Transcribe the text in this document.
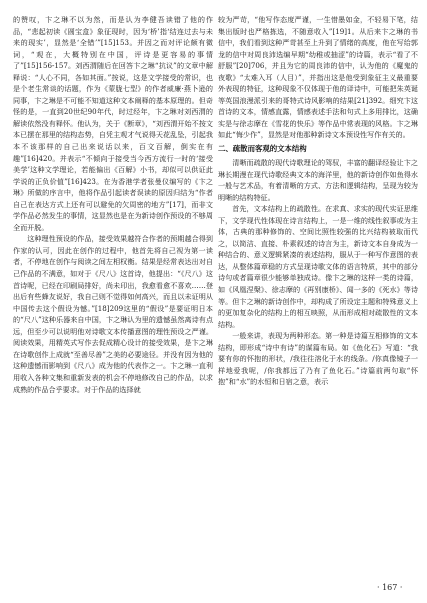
的赞叹，卞之琳不以为然，而是认为李健吾读错了他的作品，“悲起初读《圆宝盒》象征现时，因为‘桥’指‘结连过去与未来的现实’，显然是‘全错’”[15]153。并因之而对评论颇有微词，“观在，大概特别在中国，评诗是更容易的事情了”[15]156-157。刘西渭随后在回答卞之琳“抗议”的文章中解释说：“人心不同，各如其面。”按说，这是文学接受的常识，也是个老生常谈的话题，作为《蒙胧七型》的作者威廉·燕卜逊的同事，卞之琳是不可能不知道这种文本阐释的基本原理的。但奇怪的是，一直到20世纪90年代，时过经年，卞之琳对刘西渭的解读依然没有释怀。他认为，关于《断章》，“刘西渭开始不按文本已摆在那里的结构态势，自凭主观才气说得天花乱坠，引起我本不该那样的自己出来说话以来，百文百解，倒实在有趣”[16]420。并表示“不倾向于接受当今西方流行一时的‘接受美学’这种文学理论，若能偏出《百解》小书，却似可以供证此学说的正负价值”[16]423。在为香港学者张曼仪编写的《卞之琳》所做的序言中，他将作品引起读者误读的原因归结为“作者自己在表达方式上还有可以避免的欠周密的地方”[17]，而非文学作品必然发生的事情，这显然也是在为新诗创作预设的不够周全而开脱。

这种理性预设的作品，接受效果越符合作者的预期越合得到作家的认可，因此在创作的过程中，他首先将自己视为第一读者，不停地在创作与阅读之间左相权衡。结果是经常表达出对自己作品的不满意，如对于《尺八》这首诗，他提出：“《尺八》这首诗呢，已经在印刷局排好，尚未印出，我愈看愈不喜欢……登出后有些蜂友说好，我自己则不觉得如何高兴，而且以未证明从中国传去这个假设为憾。”[18]209这里的“假设”是要证明日本的“尺八”这种乐器来自中国，卞之琳认为里的遗憾虽然离诗有点远，但至少可以说明他对诗歌文本传播意图的理性预设之严谨。阅读效果，用精英式写作去促成精心设计的接受效果，是卞之琳在诗歌创作上成就“至善尽善”之美的必要途径。并没有因为他的这种遗憾而影响到《尺八》成为他的代表作之一。卞之琳一直利用收入各种文集和重新发表的机会不停地修改自己的作品，以求成熟的作品合乎要求。对于作品的选择就

较为严苛，“他写作态度严谨，一生惜墨如金，不轻易下笔，结集出版时也严格拣选，不随意收入”[19]1。从后来卞之琳的书信中，我们看到这种严苛甚至上升到了情绪的高度，他在写给郭龙的信中对周良沛选编早期“幼稚或抽涩”的诗篇，表示“看了不舒服”[20]706，并且为它的周良沛的信中，认为他的《魔鬼的夜歌》“太难入耳（人目）”，并指出这是他受到象征主义最重要外表现的特征，这种现象不仅体现于他的译诗中，可能把朱英诞等英国浪漫派引来的哥特式诗风影响的结果[21]392。细究卞这首诗的文本，情感直露，情感表述手法和句式上多用排比，这确实是与徐志摩在《雪花的快乐》等作品中常表现的风格。卞之琳如此“悔少作”，显然是对他那种新诗文本预设性写作有关的。

二、疏散而客观的文本结构

清晰而疏散的现代诗歌理论的驾驭，丰富的翻译经验让卞之琳长期漫在现代诗歌经典文本的海洋里，他的新诗创作如鱼得水一般与艺术品，有着清晰的方式、方法和逻辑结构，呈现为较为明晰的结构特征。

首先，文本结构上的疏散性。在求真、求实的现代实证思维下，文学现代性体现在诗言结构上，一是一维的线性叙事或为主体，古典的那种修饰的、空间比照性较强的比兴结构被取而代之，以简洁、直接、朴素叙述的诗言为主，新诗文本自身成为一种结合的、意义逻辑紧凑的表述结构，服从于一种写作意图的表达，从整体篇章稳的方式呈现诗歌文体的语言特质，其中的部分诗句或者篇章很少能够单独成诗。像卞之琳的这样一类的诗篇，如《风凰涅槃》、徐志摩的《再别康桥》、闻一多的《死水》等诗等。但卞之琳的新诗创作中，却构成了所设定主题和特殊意义上的更加复杂化的结构上的相互映照，从而形成相对疏散性的文本结构。

一般来讲，表现为两种形态。第一种是诗篇互相修饰的文本结构，即形成“诗中有诗”的谋篇布局。如《鱼化石》写道：“我要有你的怀抱的形状，/我往往溶化于水的线条。/你真像镜子一样地爱我呢，/你我都远了乃有了鱼化石。”诗篇前两句取“怀抱”和“水”的水恒和日宿之意，表示

· 167 ·
